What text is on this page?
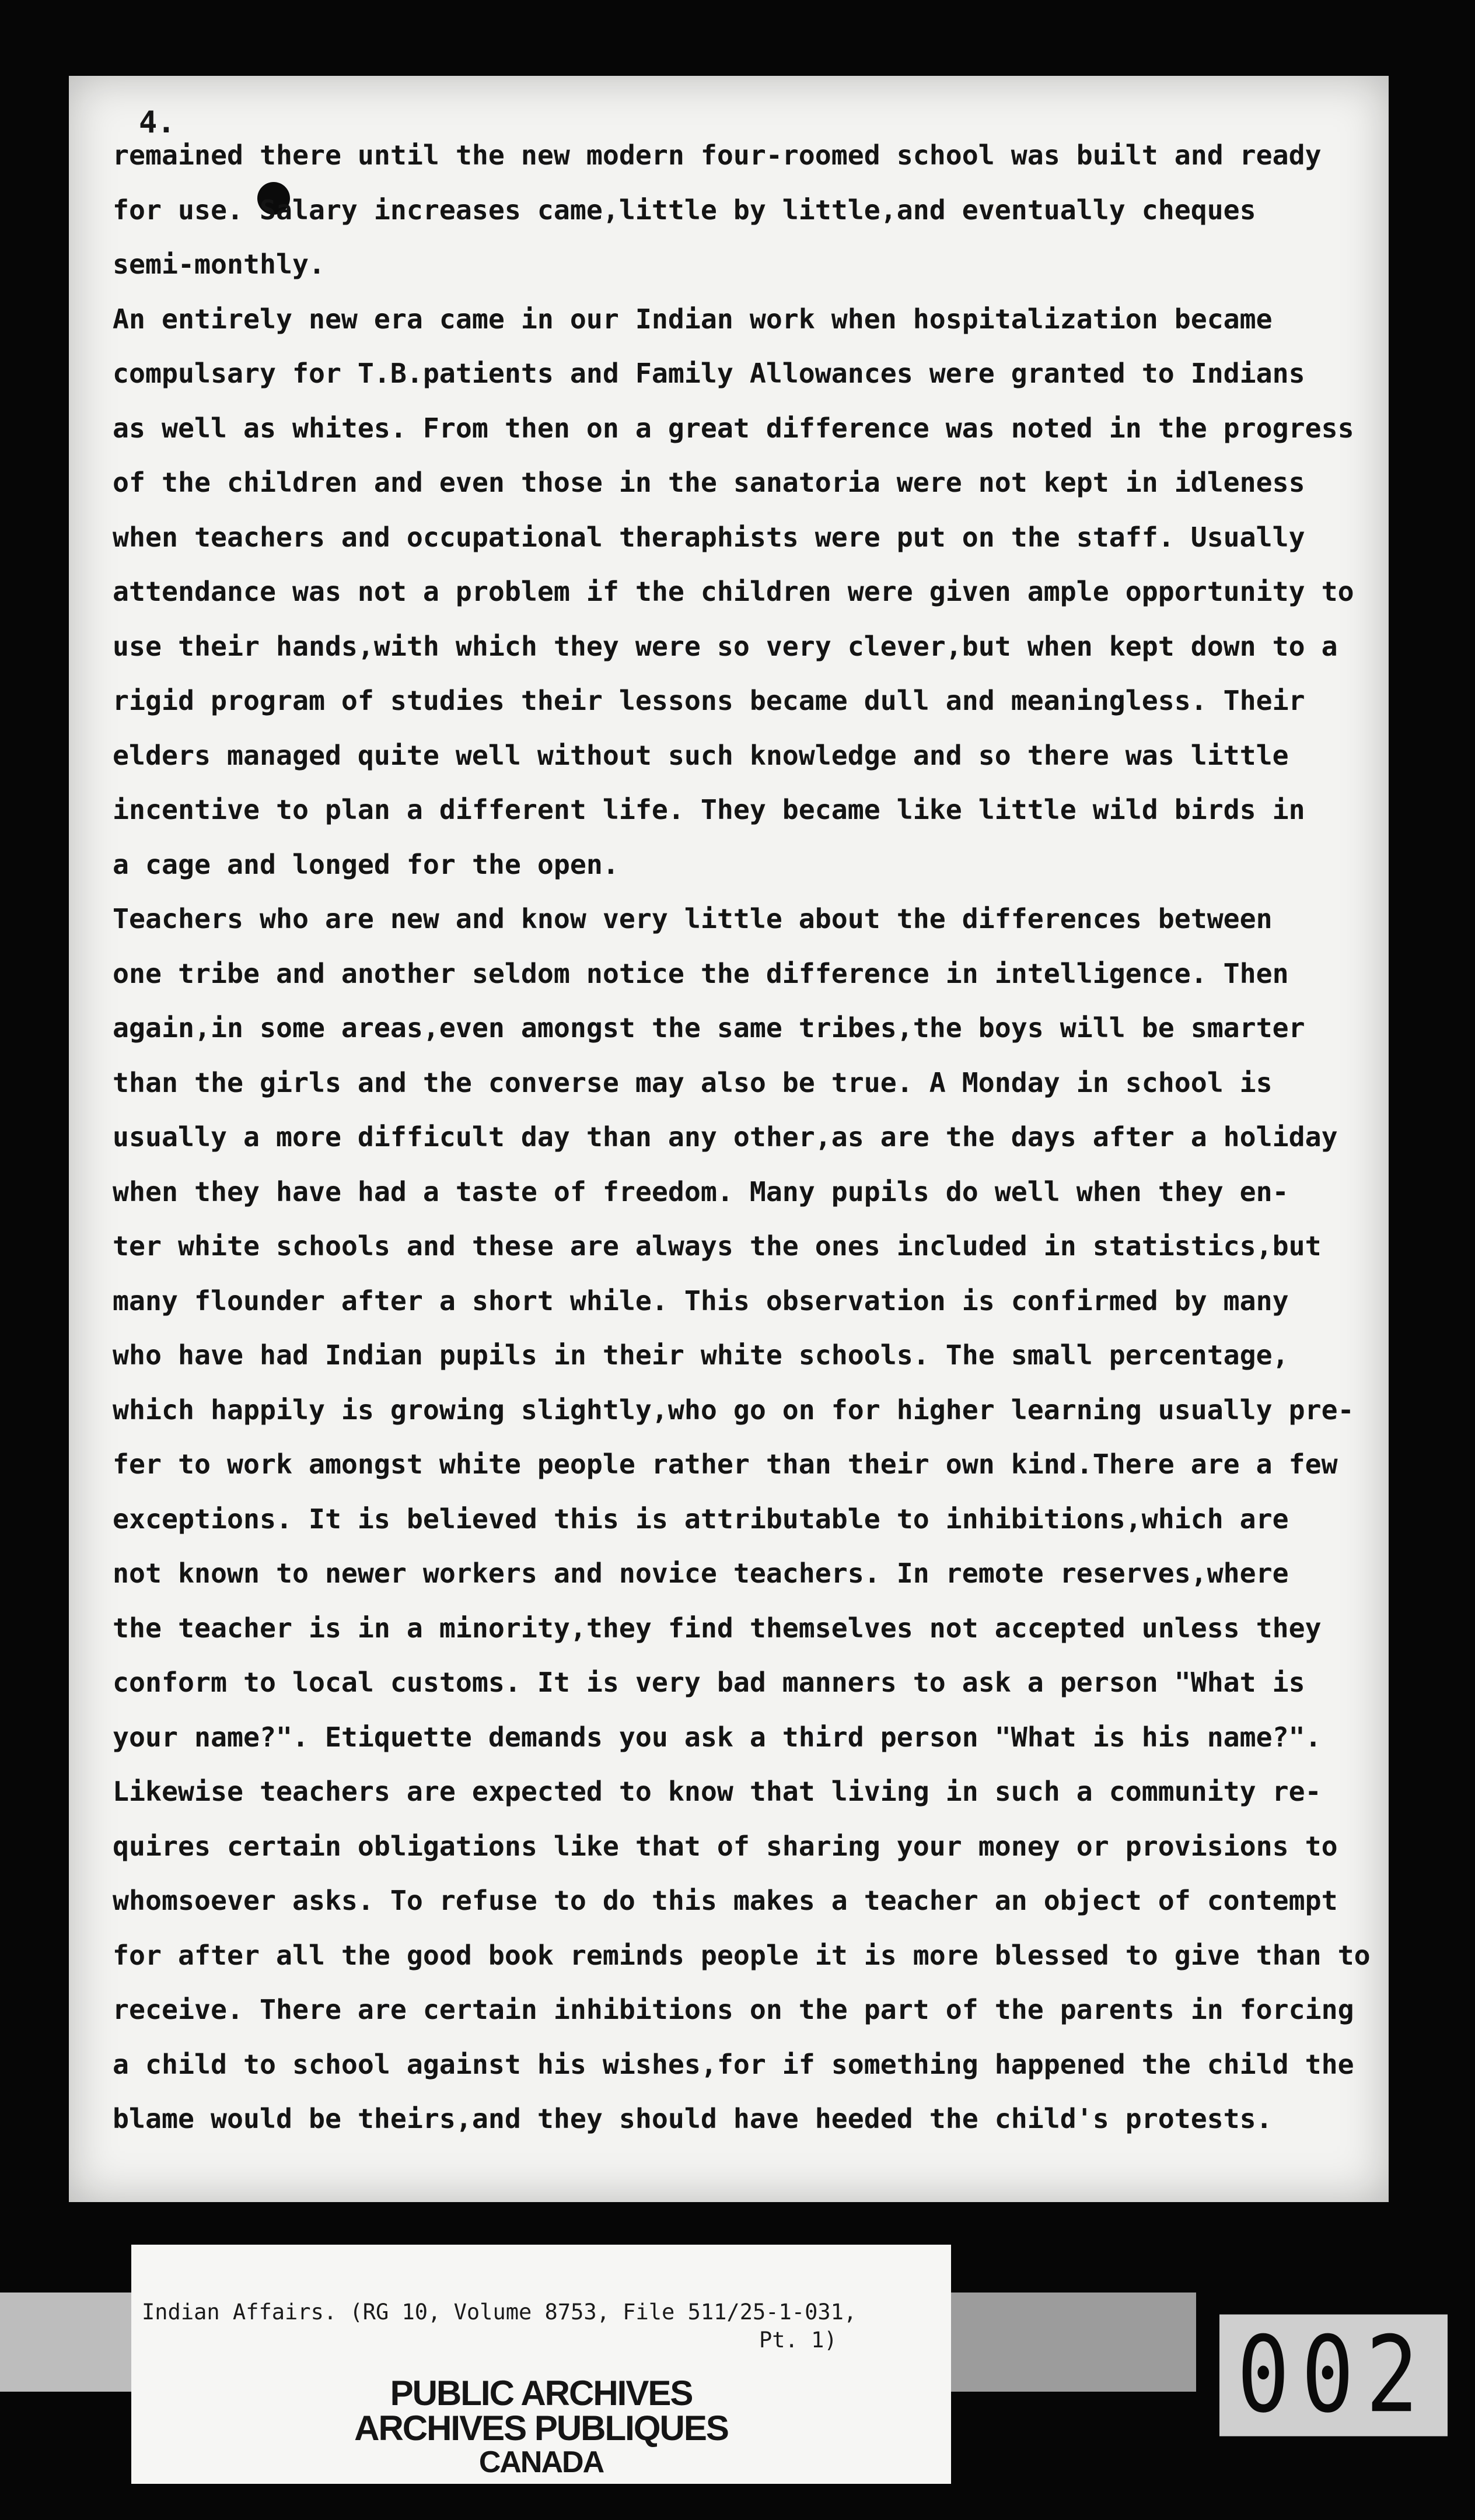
4.
remained there until the new modern four-roomed school was built and ready
for use. Salary increases came,little by little,and eventually cheques
semi-monthly.
An entirely new era came in our Indian work when hospitalization became
compulsary for T.B.patients and Family Allowances were granted to Indians
as well as whites. From then on a great difference was noted in the progress
of the children and even those in the sanatoria were not kept in idleness
when teachers and occupational theraphists were put on the staff. Usually
attendance was not a problem if the children were given ample opportunity to
use their hands,with which they were so very clever,but when kept down to a
rigid program of studies their lessons became dull and meaningless. Their
elders managed quite well without such knowledge and so there was little
incentive to plan a different life. They became like little wild birds in
a cage and longed for the open.
Teachers who are new and know very little about the differences between
one tribe and another seldom notice the difference in intelligence. Then
again,in some areas,even amongst the same tribes,the boys will be smarter
than the girls and the converse may also be true. A Monday in school is
usually a more difficult day than any other,as are the days after a holiday
when they have had a taste of freedom. Many pupils do well when they en-
ter white schools and these are always the ones included in statistics,but
many flounder after a short while. This observation is confirmed by many
who have had Indian pupils in their white schools. The small percentage,
which happily is growing slightly,who go on for higher learning usually pre-
fer to work amongst white people rather than their own kind.There are a few
exceptions. It is believed this is attributable to inhibitions,which are
not known to newer workers and novice teachers. In remote reserves,where
the teacher is in a minority,they find themselves not accepted unless they
conform to local customs. It is very bad manners to ask a person "What is
your name?". Etiquette demands you ask a third person "What is his name?".
Likewise teachers are expected to know that living in such a community re-
quires certain obligations like that of sharing your money or provisions to
whomsoever asks. To refuse to do this makes a teacher an object of contempt
for after all the good book reminds people it is more blessed to give than to
receive. There are certain inhibitions on the part of the parents in forcing
a child to school against his wishes,for if something happened the child the
blame would be theirs,and they should have heeded the child's protests.
Indian Affairs. (RG 10, Volume 8753, File 511/25-1-031,
Pt. 1)
PUBLIC ARCHIVES
ARCHIVES PUBLIQUES
CANADA
002
